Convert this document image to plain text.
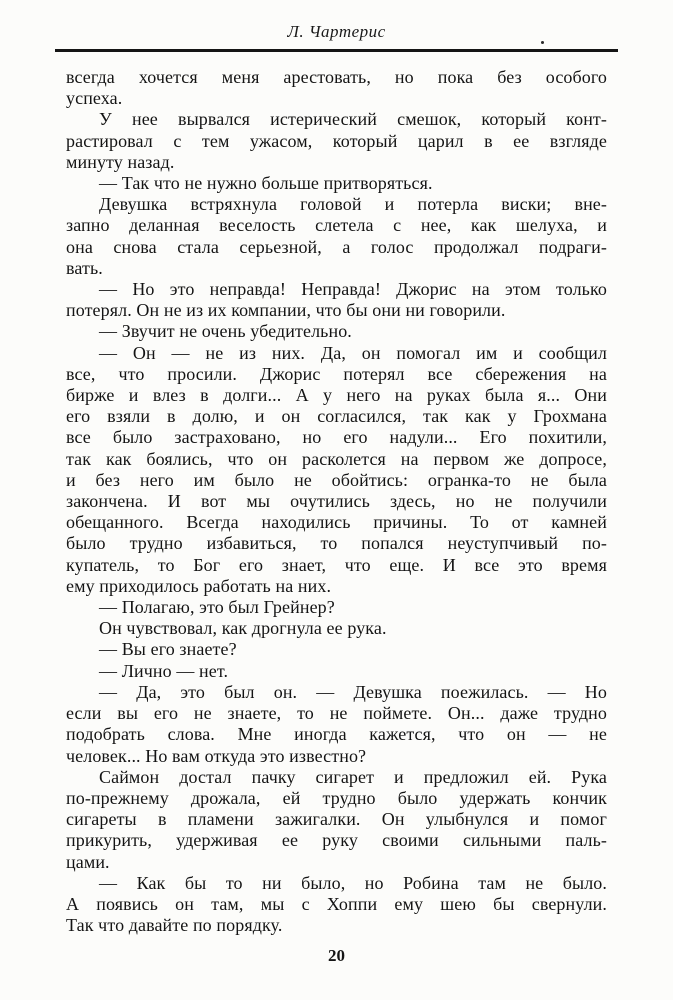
Л. Чартерис
всегда хочется меня арестовать, но пока без особого
успеха.
У нее вырвался истерический смешок, который конт-
растировал с тем ужасом, который царил в ее взгляде
минуту назад.
— Так что не нужно больше притворяться.
Девушка встряхнула головой и потерла виски; вне-
запно деланная веселость слетела с нее, как шелуха, и
она снова стала серьезной, а голос продолжал подраги-
вать.
— Но это неправда! Неправда! Джорис на этом только
потерял. Он не из их компании, что бы они ни говорили.
— Звучит не очень убедительно.
— Он — не из них. Да, он помогал им и сообщил
все, что просили. Джорис потерял все сбережения на
бирже и влез в долги... А у него на руках была я... Они
его взяли в долю, и он согласился, так как у Грохмана
все было застраховано, но его надули... Его похитили,
так как боялись, что он расколется на первом же допросе,
и без него им было не обойтись: огранка-то не была
закончена. И вот мы очутились здесь, но не получили
обещанного. Всегда находились причины. То от камней
было трудно избавиться, то попался неуступчивый по-
купатель, то Бог его знает, что еще. И все это время
ему приходилось работать на них.
— Полагаю, это был Грейнер?
Он чувствовал, как дрогнула ее рука.
— Вы его знаете?
— Лично — нет.
— Да, это был он. — Девушка поежилась. — Но
если вы его не знаете, то не поймете. Он... даже трудно
подобрать слова. Мне иногда кажется, что он — не
человек... Но вам откуда это известно?
Саймон достал пачку сигарет и предложил ей. Рука
по-прежнему дрожала, ей трудно было удержать кончик
сигареты в пламени зажигалки. Он улыбнулся и помог
прикурить, удерживая ее руку своими сильными паль-
цами.
— Как бы то ни было, но Робина там не было.
А появись он там, мы с Хоппи ему шею бы свернули.
Так что давайте по порядку.
20
